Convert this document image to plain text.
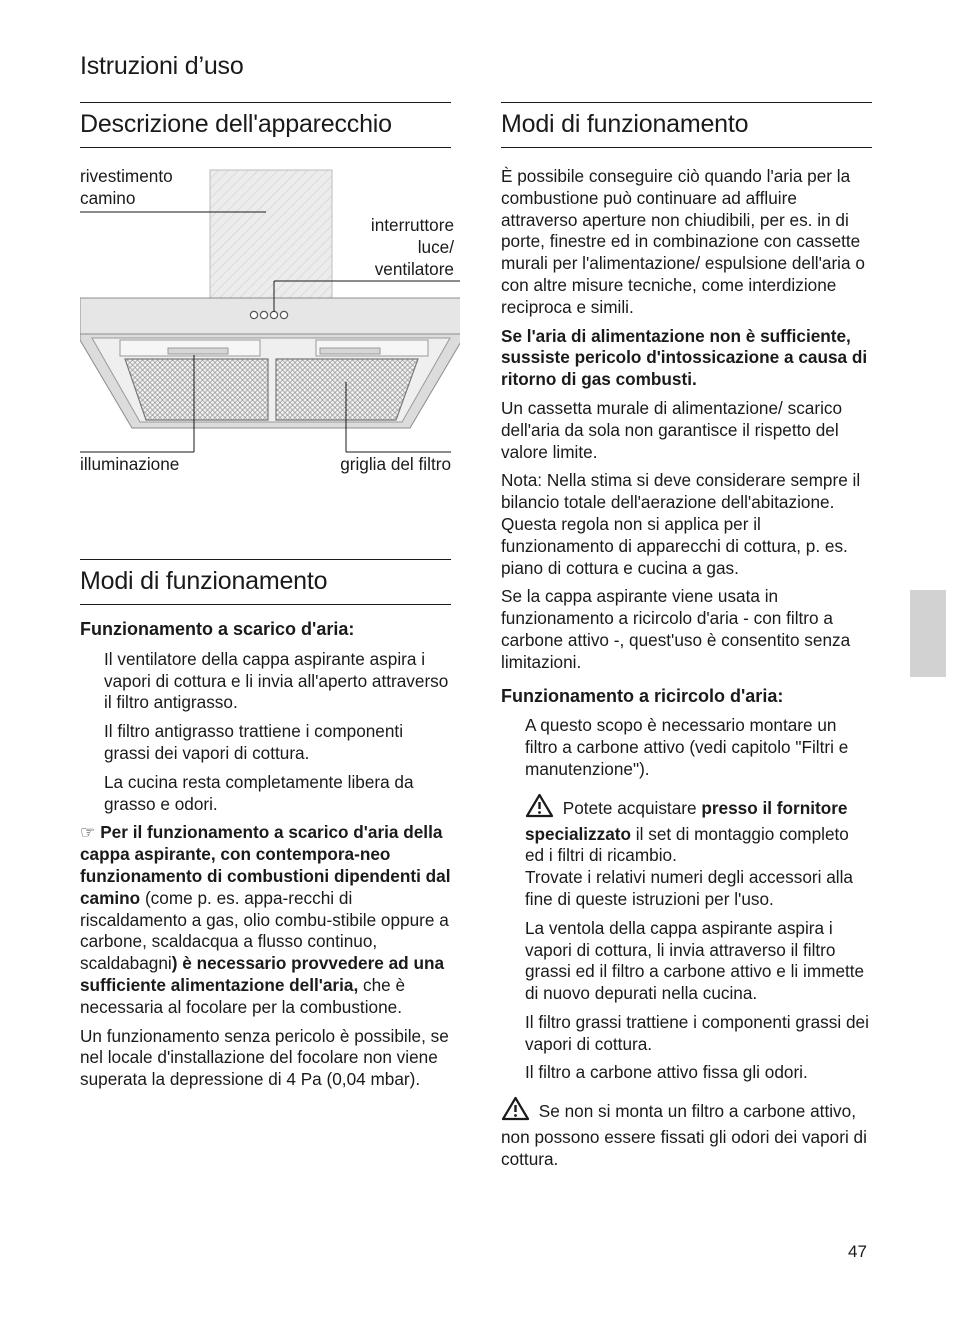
Istruzioni d’uso
Descrizione dell'apparecchio
rivestimento
camino
interruttore
luce/
ventilatore
illuminazione	griglia del filtro
Modi di funzionamento
Funzionamento a scarico d'aria:

Il ventilatore della cappa aspirante aspira i vapori di cottura e li invia all'aperto attraverso il filtro antigrasso.

Il filtro antigrasso trattiene i componenti grassi dei vapori di cottura.

La cucina resta completamente libera da grasso e odori.

☞ Per il funzionamento a scarico d'aria della cappa aspirante, con contempora-neo funzionamento di combustioni dipendenti dal camino (come p. es. appa-recchi di riscaldamento a gas, olio combu-stibile oppure a carbone, scaldacqua a flusso continuo, scaldabagni) è necessario provvedere ad una sufficiente alimentazione dell'aria, che è necessaria al focolare per la combustione.

Un funzionamento senza pericolo è possibile, se nel locale d'installazione del focolare non viene superata la depressione di 4 Pa (0,04 mbar).

Modi di funzionamento

È possibile conseguire ciò quando l'aria per la combustione può continuare ad affluire attraverso aperture non chiudibili, per es. in di porte, finestre ed in combinazione con cassette murali per l'alimentazione/ espulsione dell'aria o con altre misure tecniche, come interdizione reciproca e simili.

Se l'aria di alimentazione non è sufficiente, sussiste pericolo d'intossicazione a causa di ritorno di gas combusti.

Un cassetta murale di alimentazione/ scarico dell'aria da sola non garantisce il rispetto del valore limite.

Nota: Nella stima si deve considerare sempre il bilancio totale dell'aerazione dell'abitazione. Questa regola non si applica per il funzionamento di apparecchi di cottura, p. es. piano di cottura e cucina a gas.

Se la cappa aspirante viene usata in funzionamento a ricircolo d'aria - con filtro a carbone attivo -, quest'uso è consentito senza limitazioni.

Funzionamento a ricircolo d'aria:

A questo scopo è necessario montare un filtro a carbone attivo (vedi capitolo "Filtri e manutenzione").

Potete acquistare presso il fornitore specializzato il set di montaggio completo ed i filtri di ricambio.

Trovate i relativi numeri degli accessori alla fine di queste istruzioni per l'uso.

La ventola della cappa aspirante aspira i vapori di cottura, li invia attraverso il filtro grassi ed il filtro a carbone attivo e li immette di nuovo depurati nella cucina.

Il filtro grassi trattiene i componenti grassi dei vapori di cottura.

Il filtro a carbone attivo fissa gli odori.

Se non si monta un filtro a carbone attivo, non possono essere fissati gli odori dei vapori di cottura.

47
